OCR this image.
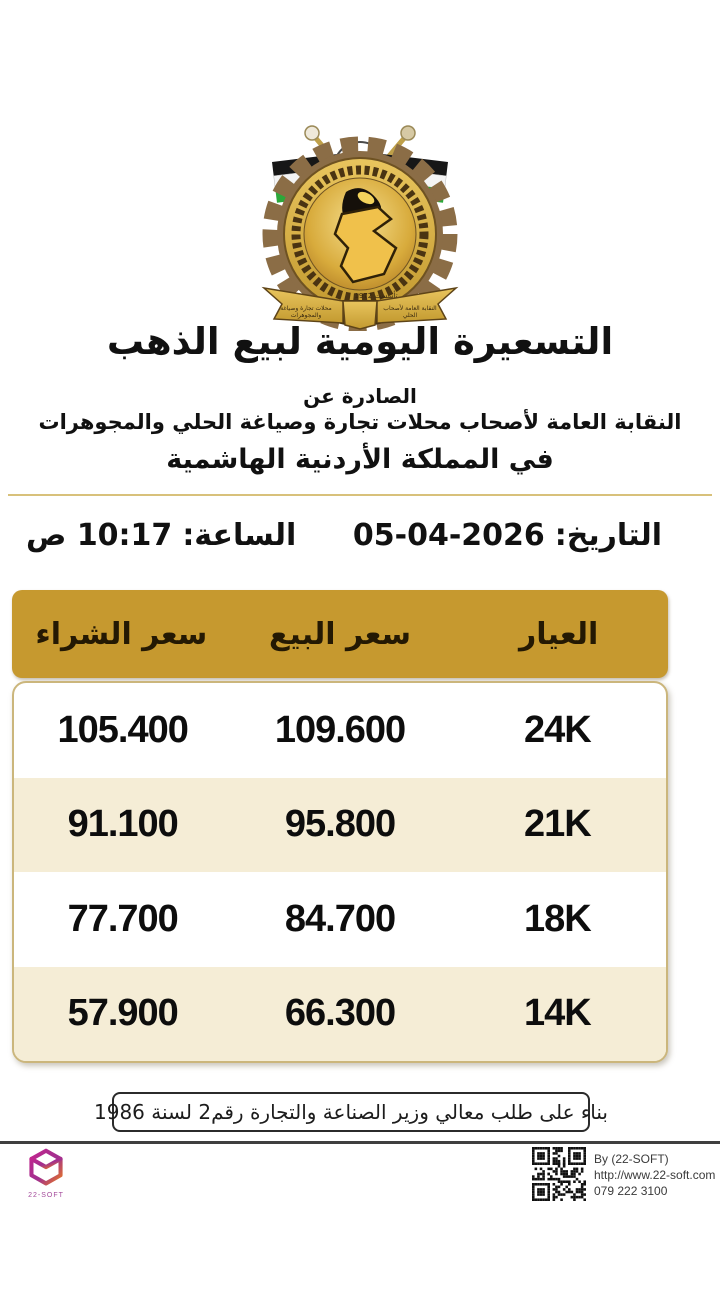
تأسست 1972
النقابة العامة لأصحاب
الحلي
محلات تجارة وصياغة
والمجوهرات
التسعيرة اليومية لبيع الذهب
الصادرة عن
النقابة العامة لأصحاب محلات تجارة وصياغة الحلي والمجوهرات
في المملكة الأردنية الهاشمية
التاريخ:
05-04-2026
الساعة:
10:17 ص
العيار
سعر البيع
سعر الشراء
24K
109.600
105.400
21K
95.800
91.100
18K
84.700
77.700
14K
66.300
57.900
بناء على طلب معالي وزير الصناعة والتجارة رقم2 لسنة 1986
22-SOFT
By (22-SOFT)
http://www.22-soft.com
079 222 3100
